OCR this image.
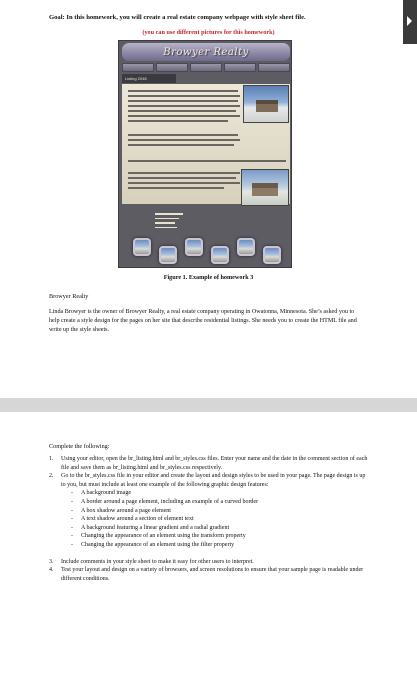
Goal: In this homework, you will create a real estate company webpage with style sheet file.
(you can use different pictures for this homework)
Browyer Realty
Listing 2048
Figure 1. Example of homework 3
Browyer Realty
Linda Browyer is the owner of Browyer Realty, a real estate company operating in Owatonna, Minnesota. She’s asked you to help create a style design for the pages on her site that describe residential listings. She needs you to create the HTML file and write up the style sheets.
Complete the following:
1. Using your editor, open the br_listing.html and br_styles.css files. Enter your name and the date in the comment section of each file and save them as br_listing.html and br_styles.css respectively.
2. Go to the br_styles.css file in your editor and create the layout and design styles to be used in your page. The page design is up to you, but must include at least one example of the following graphic design features:
- A background image
- A border around a page element, including an example of a curved border
- A box shadow around a page element
- A text shadow around a section of element text
- A background featuring a linear gradient and a radial gradient
- Changing the appearance of an element using the transform property
- Changing the appearance of an element using the filter property
3. Include comments in your style sheet to make it easy for other users to interpret.
4. Test your layout and design on a variety of browsers, and screen resolutions to ensure that your sample page is readable under different conditions.
